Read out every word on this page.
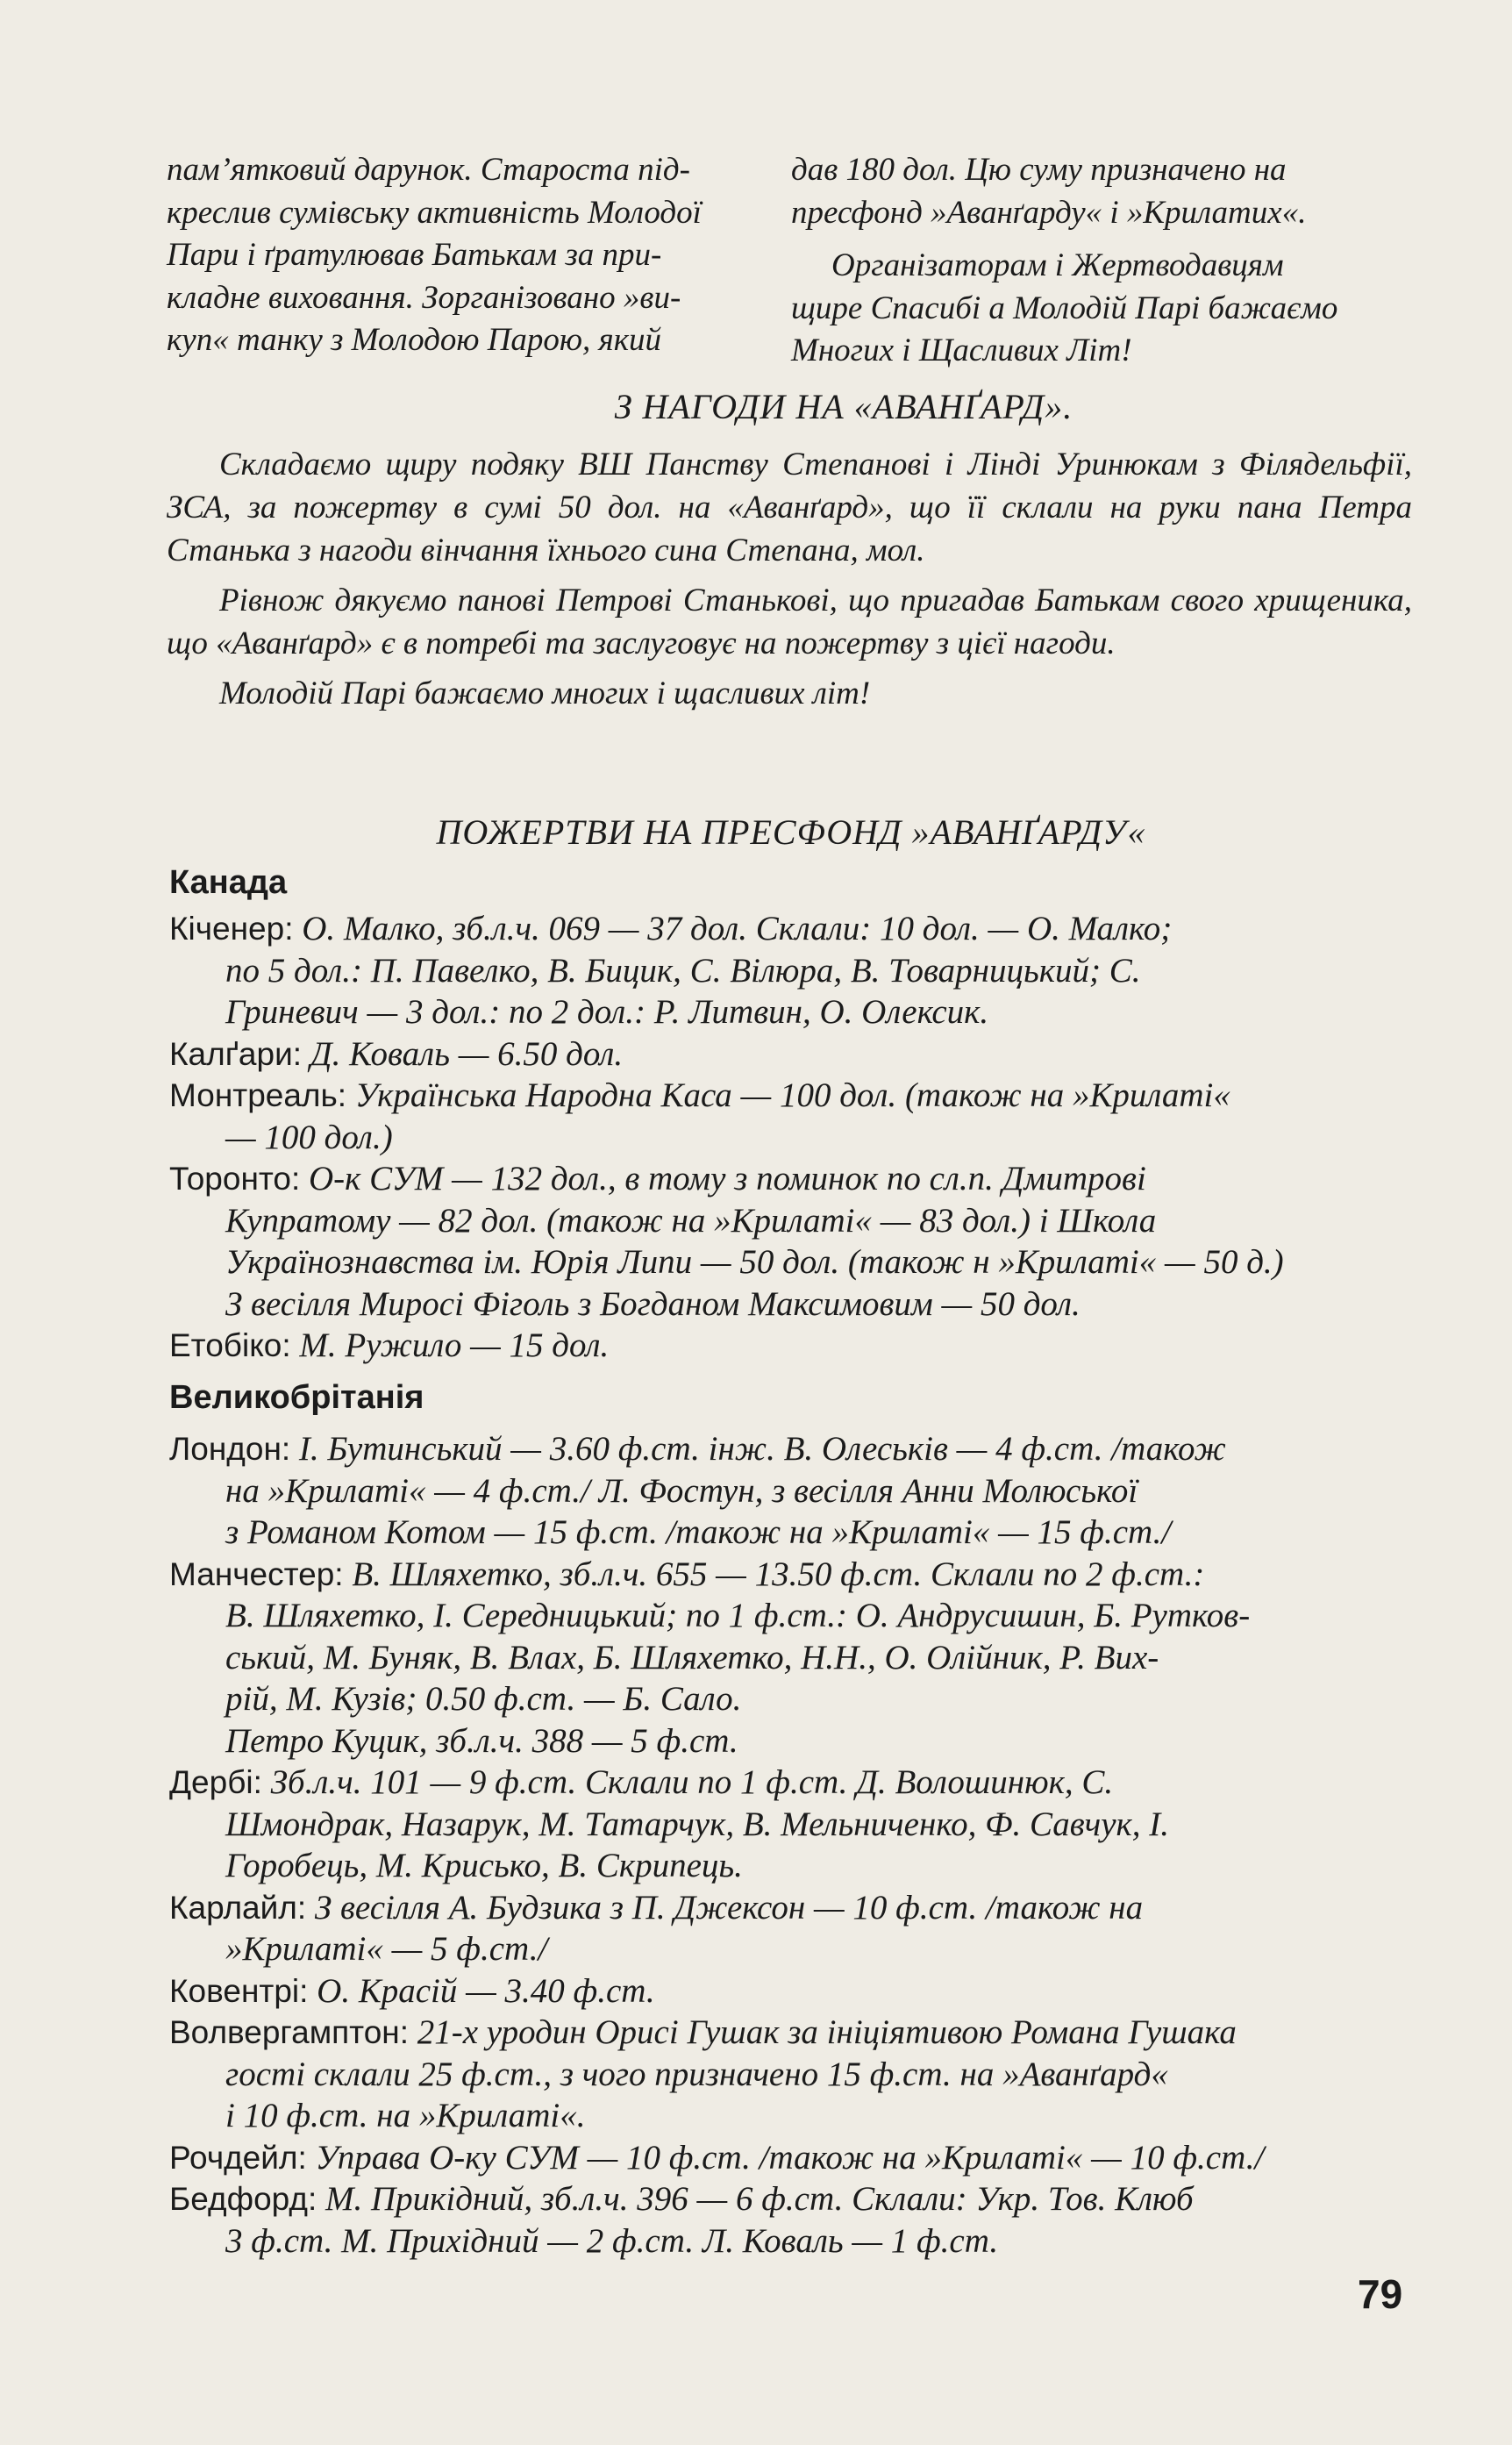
пам’ятковий дарунок. Староста під-

креслив сумівську активність Молодої

Пари і ґратулював Батькам за при-

кладне виховання. Зорганізовано »ви-

куп« танку з Молодою Парою, який

дав 180 дол. Цю суму призначено на

пресфонд »Аванґарду« і »Крилатих«.

Організаторам і Жертводавцям

щире Спасибі а Молодій Парі бажаємо

Многих і Щасливих Літ!

З НАГОДИ НА «АВАНҐАРД».

Складаємо щиру подяку ВШ Панству Степанові і Лінді Уринюкам з Філядельфії, ЗСА, за пожертву в сумі 50 дол. на «Аванґард», що її склали на руки пана Петра Станька з нагоди вінчання їхнього сина Степана, мол.

Рівнож дякуємо панові Петрові Станькові, що пригадав Батькам свого хрищеника, що «Аванґард» є в потребі та заслуговує на пожертву з цієї нагоди.

Молодій Парі бажаємо многих і щасливих літ!

ПОЖЕРТВИ НА ПРЕСФОНД »АВАНҐАРДУ«
Канада
Кіченер: О. Малко, зб.л.ч. 069 — 37 дол. Склали: 10 дол. — О. Малко;
по 5 дол.: П. Павелко, В. Бицик, С. Вілюра, В. Товарницький; С.
Гриневич — 3 дол.: по 2 дол.: Р. Литвин, О. Олексик.
Калґари: Д. Коваль — 6.50 дол.
Монтреаль: Українська Народна Каса — 100 дол. (також на »Крилаті«
— 100 дол.)
Торонто: О-к СУМ — 132 дол., в тому з поминок по сл.п. Дмитрові
Купратому — 82 дол. (також на »Крилаті« — 83 дол.) і Школа
Українознавства ім. Юрія Липи — 50 дол. (також н »Крилаті« — 50 д.)
З весілля Миросі Фіголь з Богданом Максимовим — 50 дол.
Етобіко: М. Ружило — 15 дол.
Великобрітанія
Лондон: І. Бутинський — 3.60 ф.ст. інж. В. Олеськів — 4 ф.ст. /також
на »Крилаті« — 4 ф.ст./ Л. Фостун, з весілля Анни Молюської
з Романом Котом — 15 ф.ст. /також на »Крилаті« — 15 ф.ст./
Манчестер: В. Шляхетко, зб.л.ч. 655 — 13.50 ф.ст. Склали по 2 ф.ст.:
В. Шляхетко, І. Середницький; по 1 ф.ст.: О. Андрусишин, Б. Рутков-
ський, М. Буняк, В. Влах, Б. Шляхетко, Н.Н., О. Олійник, Р. Вих-
рій, М. Кузів; 0.50 ф.ст. — Б. Сало.
Петро Куцик, зб.л.ч. 388 — 5 ф.ст.
Дербі: Зб.л.ч. 101 — 9 ф.ст. Склали по 1 ф.ст. Д. Волошинюк, С.
Шмондрак, Назарук, М. Татарчук, В. Мельниченко, Ф. Савчук, І.
Горобець, М. Крисько, В. Скрипець.
Карлайл: З весілля А. Будзика з П. Джексон — 10 ф.ст. /також на
»Крилаті« — 5 ф.ст./
Ковентрі: О. Красій — 3.40 ф.ст.
Волвергамптон: 21-х уродин Орисі Гушак за ініціятивою Романа Гушака
гості склали 25 ф.ст., з чого призначено 15 ф.ст. на »Аванґард«
і 10 ф.ст. на »Крилаті«.
Рочдейл: Управа О-ку СУМ — 10 ф.ст. /також на »Крилаті« — 10 ф.ст./
Бедфорд: М. Прикідний, зб.л.ч. 396 — 6 ф.ст. Склали: Укр. Тов. Клюб
3 ф.ст. М. Прихідний — 2 ф.ст. Л. Коваль — 1 ф.ст.
79
